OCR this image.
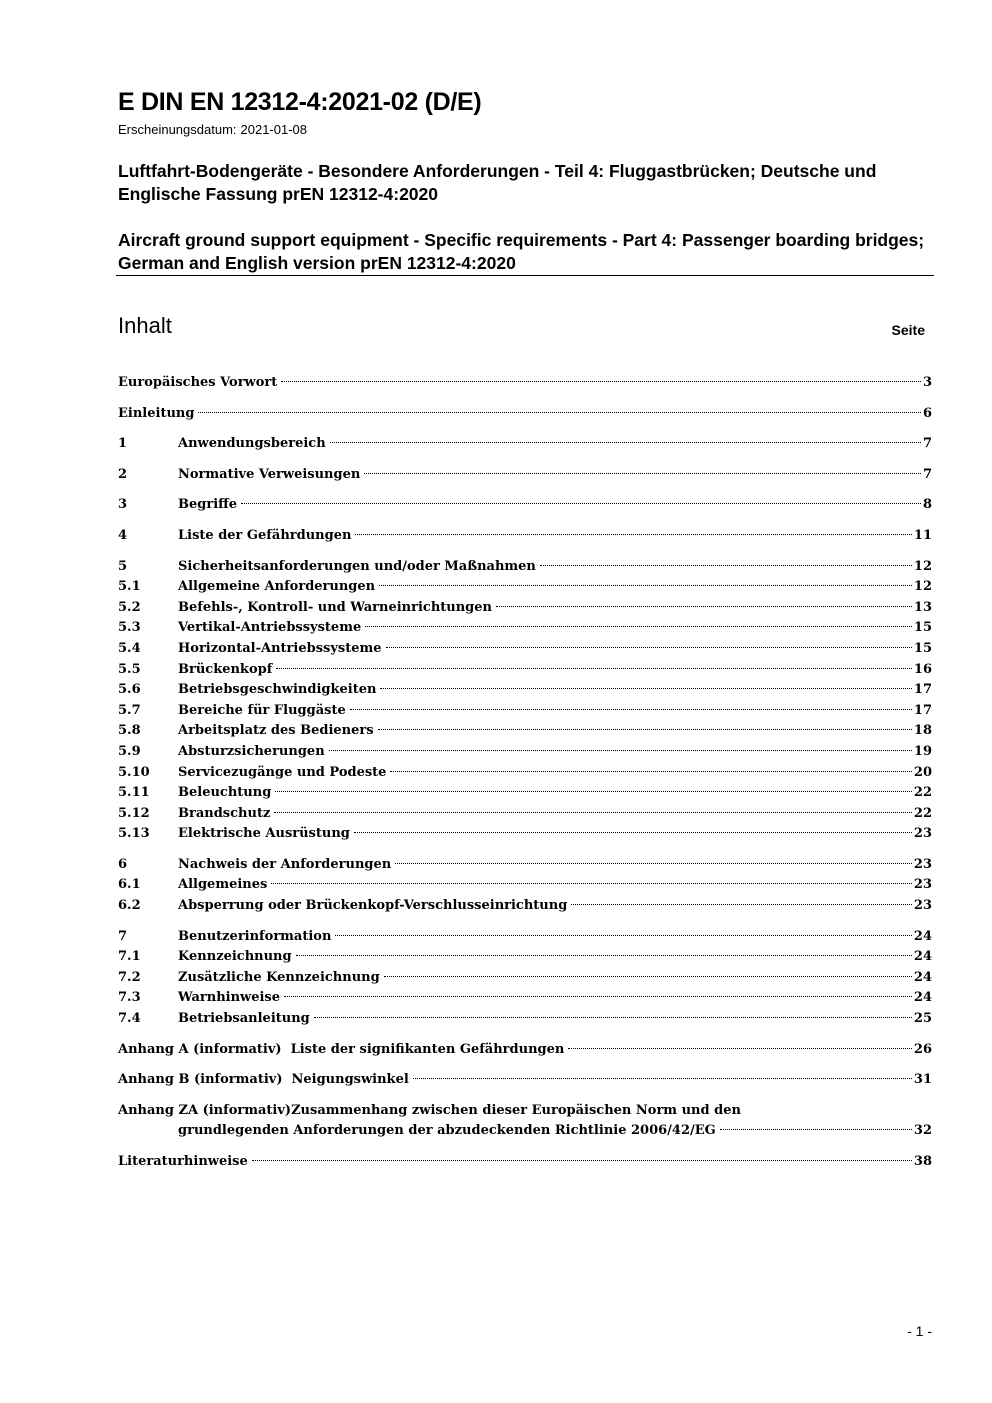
E DIN EN 12312-4:2021-02 (D/E)
Erscheinungsdatum: 2021-01-08
Luftfahrt-Bodengeräte - Besondere Anforderungen - Teil 4: Fluggastbrücken; Deutsche und Englische Fassung prEN 12312-4:2020
Aircraft ground support equipment - Specific requirements - Part 4: Passenger boarding bridges; German and English version prEN 12312-4:2020
Inhalt	Seite
Europäisches Vorwort	3
Einleitung	6
1	Anwendungsbereich	7
2	Normative Verweisungen	7
3	Begriffe	8
4	Liste der Gefährdungen	11
5	Sicherheitsanforderungen und/oder Maßnahmen	12
5.1	Allgemeine Anforderungen	12
5.2	Befehls-, Kontroll- und Warneinrichtungen	13
5.3	Vertikal-Antriebssysteme	15
5.4	Horizontal-Antriebssysteme	15
5.5	Brückenkopf	16
5.6	Betriebsgeschwindigkeiten	17
5.7	Bereiche für Fluggäste	17
5.8	Arbeitsplatz des Bedieners	18
5.9	Absturzsicherungen	19
5.10	Servicezugänge und Podeste	20
5.11	Beleuchtung	22
5.12	Brandschutz	22
5.13	Elektrische Ausrüstung	23
6	Nachweis der Anforderungen	23
6.1	Allgemeines	23
6.2	Absperrung oder Brückenkopf-Verschlusseinrichtung	23
7	Benutzerinformation	24
7.1	Kennzeichnung	24
7.2	Zusätzliche Kennzeichnung	24
7.3	Warnhinweise	24
7.4	Betriebsanleitung	25
Anhang A (informativ) Liste der signifikanten Gefährdungen	26
Anhang B (informativ) Neigungswinkel	31
Anhang ZA (informativ)Zusammenhang zwischen dieser Europäischen Norm und den
grundlegenden Anforderungen der abzudeckenden Richtlinie 2006/42/EG	32
Literaturhinweise	38
- 1 -
